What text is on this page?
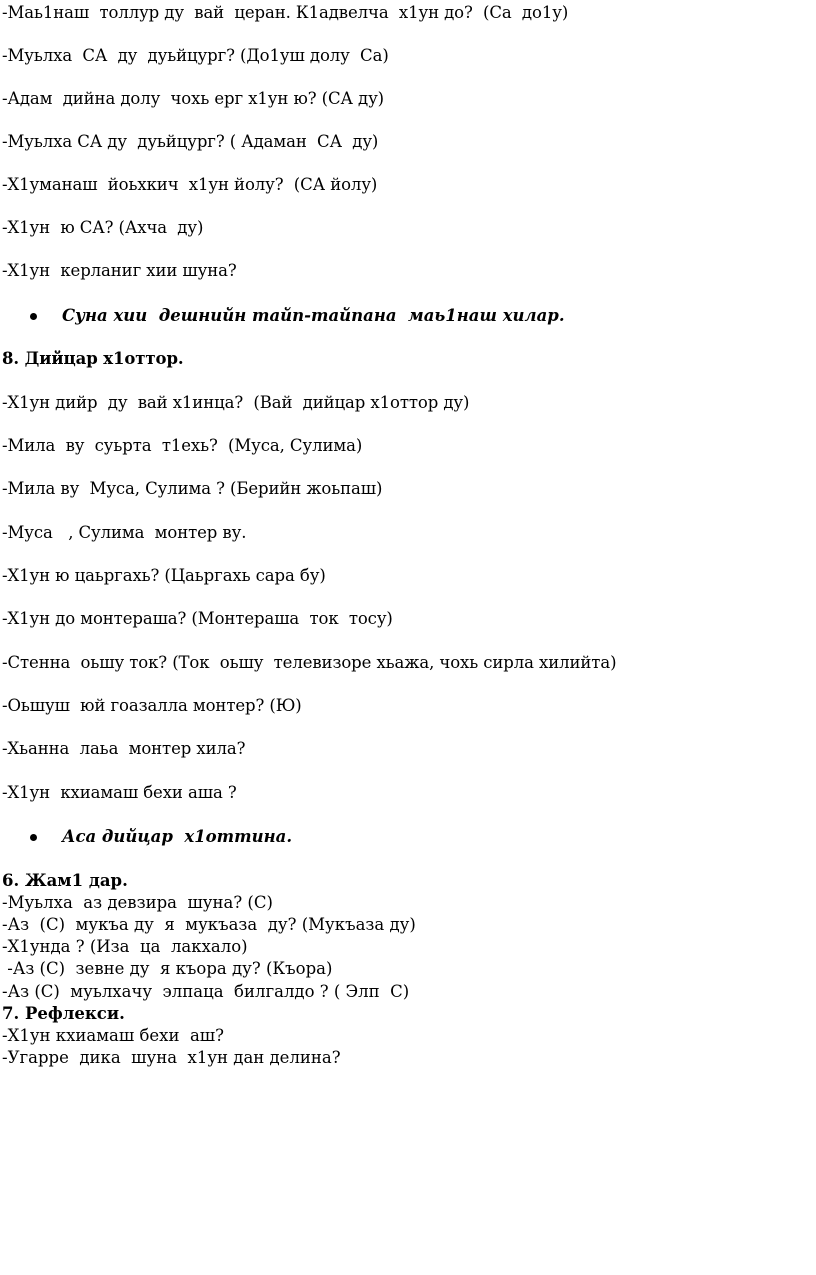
-Маь1наш  толлур ду  вай  церан. К1адвелча  х1ун до?  (Са  до1у)
-Муьлха  СА  ду  дуьйцург? (До1уш долу  Са)
-Адам  дийна долу  чохь ерг х1ун ю? (СА ду)
-Муьлха СА ду  дуьйцург? ( Адаман  СА  ду)
-Х1уманаш  йоьхкич  х1ун йолу?  (СА йолу)
-Х1ун  ю СА? (Ахча  ду)
-Х1ун  керланиг хии шуна?

Суна хии  дешнийн тайп-тайпана  маь1наш хилар.

8. Дийцар х1оттор.
-Х1ун дийр  ду  вай х1инца?  (Вай  дийцар х1оттор ду)
-Мила  ву  суьрта  т1ехь?  (Муса, Сулима)
-Мила ву  Муса, Сулима ? (Берийн жоьпаш)
-Муса   , Сулима  монтер ву.
-Х1ун ю цаьргахь? (Цаьргахь сара бу)
-Х1ун до монтераша? (Монтераша  ток  тосу)
-Стенна  оьшу ток? (Ток  оьшу  телевизоре хьажа, чохь сирла хилийта)
-Оьшуш  юй гоазалла монтер? (Ю)
-Хьанна  лаьа  монтер хила?
-Х1ун  кхиамаш бехи аша ?

Аса дийцар  х1оттина.

6. Жам1 дар.
-Муьлха  аз девзира  шуна? (С)
-Аз  (С)  мукъа ду  я  мукъаза  ду? (Мукъаза ду)
-Х1унда ? (Иза  ца  лакхало)
-Аз (С)  зевне ду  я къора ду? (Къора)
-Аз (С)  муьлхачу  элпаца  билгалдо ? ( Элп  С)
7. Рефлекси.
-Х1ун кхиамаш бехи  аш?
-Угарре  дика  шуна  х1ун дан делина?
